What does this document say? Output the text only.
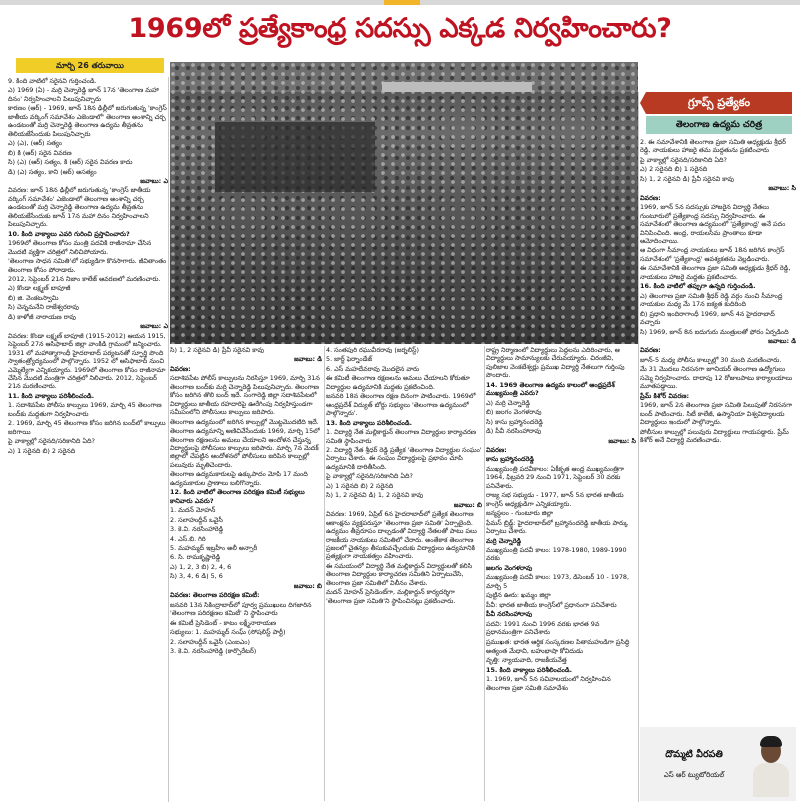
1969లో ప్రత్యేకాంధ్ర సదస్సు ఎక్కడ నిర్వహించారు?
మార్చి 26 తరువాయి
గ్రూప్స్ ప్రత్యేకం
తెలంగాణ ఉద్యమ చరిత్ర

9. కింది వాటిలో సరైనవి గుర్తించండి.

ఎ) 1969 (ఏ) - మర్రి చెన్నారెడ్డి జూన్ 17న 'తెలంగాణ మహా దినం' నిర్వహించాలని పిలుపునిచ్చారు

కారణం (ఆర్) - 1969, జూన్ 18న ఢిల్లీలో జరుగుతున్న 'కాంగ్రెస్ జాతీయ వర్కింగ్ సమావేశం ఎజెండాలో' తెలంగాణ అంశాన్ని చర్చ ఉండటంతో మర్రి చెన్నారెడ్డి తెలంగాణ ఉద్యమ తీవ్రతను తెలియజేసేందుకు పిలుపునిచ్చారు

ఎ) (ఎ), (ఆర్) సత్యం

బి) కి (ఆర్) సరైన వివరణ

సి) (ఎ) (ఆర్) సత్యం, కి (ఆర్) సరైన వివరణ కాదు

డి) (ఎ) సత్యం, కాని (ఆర్) అసత్యం

జవాబు: ఎ

వివరణ: జూన్ 18న ఢిల్లీలో జరుగుతున్న 'కాంగ్రెస్ జాతీయ వర్కింగ్ సమావేశం' ఎజెండాలో తెలంగాణ అంశాన్ని చర్చ ఉండటంతో మర్రి చెన్నారెడ్డి తెలంగాణ ఉద్యమ తీవ్రతను తెలియజేసేందుకు జూన్ 17న మహా దినం నిర్వహించాలని పిలుపునిచ్చారు.

10. కింది వాక్యాలు ఎవరి గురించి ప్రస్తావించారు?

1969లో తెలంగాణ కోసం మంత్రి పదవికి రాజీనామా చేసిన మొదటి వ్యక్తిగా చరిత్రలో నిలిచిపోయారు.

'తెలంగాణ సాధన సమితి'లో సభ్యుడిగా కొనసాగారు. జీవితాంతం తెలంగాణ కోసం పోరాడారు.

2012, సెప్టెంబర్ 21న నిజాం కాలేజ్ ఆవరణలో మరణించారు.

ఎ) కొండా లక్ష్మణ్ బాపూజీ

బి) జి. వెంకటస్వామి

సి) చెన్నమనేని రాజేశ్వరరావు

డి) కాళోజీ నారాయణ రావు

జవాబు: ఎ

వివరణ: కొండా లక్ష్మణ్ బాపూజీ (1915-2012) ఆయన 1915, సెప్టెంబర్ 27న ఆసిఫాబాద్ జిల్లా వాంకిడి గ్రామంలో జన్మించారు. 1931 లో మహాత్మాగాంధీ హైదరాబాద్ పర్యటనతో స్ఫూర్తి పొంది స్వాతంత్ర్యోద్యమంలో పాల్గొన్నారు. 1952 లో ఆసిఫాబాద్ నుంచి ఎమ్మెల్యేగా ఎన్నికయ్యారు. 1969లో తెలంగాణ కోసం రాజీనామా చేసిన మొదటి మంత్రిగా చరిత్రలో నిలిచారు. 2012, సెప్టెంబర్ 21న మరణించారు.

11. కింది వాక్యాలు పరిశీలించండి.

1. సదాశివపేట పోలీసు కాల్పులు 1969, మార్చి 45 తెలంగాణ బంద్‌కు మద్దతుగా నిర్వహించారు

2. 1969, మార్చి 45 తెలంగాణ కోసం జరిగిన బంద్‌లో కాల్పులు జరిగాయి

పై వాక్యాల్లో సరైనది/సరికానిది ఏది?

ఎ) 1 సరైనది బి) 2 సరైనది

సి) 1, 2 సరైనవి డి) ప్రేవీ సరైనవి కావు

జవాబు: డి

వివరణ:

సదాశివపేట పోలీస్ కాల్పులను నిరసిస్తూ 1969, మార్చి 31న తెలంగాణ బంద్‌కు మర్రి చెన్నారెడ్డి పిలుపునిచ్చారు. తెలంగాణ కోసం జరిగిన తొలి బంద్ ఇదే. సంగారెడ్డి జిల్లా సదాశివపేటలో విద్యార్థులు జాతీయ రహదారిపై ఊరేగింపు నిర్వహిస్తుండగా సమీపంలోని పోలీసులు కాల్పులు జరిపారు.

తెలంగాణ ఉద్యమంలో జరిగిన కాల్పుల్లో మొట్టమొదటిది ఇదే.

తెలంగాణ ఉద్యమాన్ని అణిచివేసేందుకు 1969, మార్చి 15లో తెలంగాణ రక్షణలను అమలు చేయాలని ఆందోళన చేస్తున్న విద్యార్థులపై పోలీసులు కాల్పులు జరిపారు. మార్చి 7న మెదక్ జిల్లాలో చేపట్టిన ఆందోళనలో పోలీసులు జరిపిన కాల్పుల్లో పలువురు మృతిచెందారు.

తెలంగాణ ఉద్యమకారులపై ఉక్కుపాదం మోపి 17 మంది ఉద్యమకారుల ప్రాణాలు బలిగొన్నారు.

12. కింది వాటిలో తెలంగాణ పరిరక్షణ కమిటీ సభ్యులు కానివారు ఎవరు?

1. మదన్ మోహన్

2. సలాహుద్దీన్ ఒవైసీ

3. కె.వి. నరసింహారెడ్డి

4. ఎస్.బి. గిరి

5. మహమ్మద్ ఇబ్రహీం అలీ అన్సారీ

6. సి. రామకృష్ణారెడ్డి

ఎ) 1, 2, 3 బి) 2, 4, 6

సి) 3, 4, 6 డి) 5, 6

జవాబు: బి

వివరణ: తెలంగాణ పరిరక్షణ కమిటీ:

జనవరి 13న సికింద్రాబాద్‌లో పూర్వ ప్రముఖులు దిగజారిన 'తెలంగాణ పరిరక్షణల కమిటీ' ని స్థాపించారు

ఈ కమిటీ ప్రెసిడెంట్ - కాటం లక్ష్మీనారాయణ

సభ్యులు: 1. మహమ్మద్ సంఘ్ (సోషలిస్ట్ పార్టీ)

2. సలాహుద్దీన్ ఒవైసీ (ఎంఐఎం)

3. కె.వి. నరసింహారెడ్డి (కార్పొరేటర్)

4. సంతపురి రఘువీరరావు (జర్నలిస్ట్)

5. జార్జ్ ఫెర్నాండేజ్

6. ఎస్ మహదేవరావు మొదలైన వారు

ఈ కమిటీ తెలంగాణ రక్షణలను అమలు చేయాలని కోరుతూ విద్యార్థుల ఉద్యమానికి మద్దతు ప్రకటించింది.

జనవరి 18న తెలంగాణ రక్షణ దినంగా పాటించారు. 1969లో ఆంధ్రప్రదేశ్ విద్యుత్ బోర్డు సభ్యులు 'తెలంగాణ ఉద్యమంలో పాల్గొన్నారు'.

13. కింది వాక్యాలు పరిశీలించండి.

1. విద్యార్థి నేత మల్లికార్జున్ తెలంగాణ విద్యార్థుల కార్యాచరణ సమితి స్థాపించారు

2. విద్యార్థి నేత శ్రీధర్ రెడ్డి ప్రత్యేక 'తెలంగాణ విద్యార్థుల సంఘం' ఏర్పాటు చేశారు. ఈ సంఘం విద్యార్థులపై ప్రభావం చూపి ఉద్యమానికి దారితీసింది.

పై వాక్యాల్లో సరైనది/సరికానిది ఏది?

ఎ) 1 సరైనది బి) 2 సరైనది

సి) 1, 2 సరైనవి డి) 1, 2 సరైనవి కావు

జవాబు: బి

వివరణ: 1969, ఏప్రిల్ 6న హైదరాబాద్‌లో ప్రత్యేక తెలంగాణ ఆకాంక్షను వ్యక్తపరుస్తూ 'తెలంగాణ ప్రజా సమితి' ఏర్పాటైంది. ఉద్యమం తీవ్రరూపం దాల్చడంతో విద్యార్థి నేతలతో పాటు పలు రాజకీయ నాయకులు సమితిలో చేరారు. అంతేకాక తెలంగాణ ప్రజలలో చైతన్యం తీసుకువచ్చేందుకు విద్యార్థులు ఉద్యమానికి ప్రత్యక్షంగా నాయకత్వం వహించారు.

ఈ సమయంలో విద్యార్థి నేత మల్లికార్జున్ విద్యార్థులతో కలిసి తెలంగాణ విద్యార్థుల కార్యాచరణ సమితిని ఏర్పాటుచేసి, తెలంగాణ ప్రజా సమితిలో విలీనం చేశారు.

మదన్ మోహన్ ప్రెసిడెంట్‌గా, మల్లికార్జున్ కార్యదర్శిగా 'తెలంగాణ ప్రజా సమితి'ని స్థాపించినట్లు ప్రకటించారు.

రాష్ట్ర నిర్మాణంలో విద్యార్థులు పెద్దలను ఎదిరించారు, ఆ విద్యార్థులు సామాన్యులకు చేరువయ్యారు. చిరంజీవి, పులిజాల వెంకటేశ్వర్లు ప్రముఖ విద్యార్థి నేతలుగా గుర్తింపు పొందారు.

14. 1969 తెలంగాణ ఉద్యమ కాలంలో ఆంధ్రప్రదేశ్ ముఖ్యమంత్రి ఎవరు?

ఎ) మర్రి చెన్నారెడ్డి

బి) జలగం వెంగళరావు

సి) కాసు బ్రహ్మానందరెడ్డి

డి) పీవీ నరసింహారావు

జవాబు: సి

వివరణ:

కాసు బ్రహ్మానందరెడ్డి

ముఖ్యమంత్రి పదవీకాలం: ఏకీకృత ఆంధ్ర ముఖ్యమంత్రిగా 1964, ఫిబ్రవరి 29 నుంచి 1971, సెప్టెంబర్ 30 వరకు పనిచేశారు.

రాజ్య సభ సభ్యుడు - 1977, జూన్ 5న భారత జాతీయ కాంగ్రెస్ అధ్యక్షుడిగా ఎన్నికయ్యారు.

జన్మస్థలం - గుంటూరు జిల్లా

ఫేమస్ బ్రిడ్జ్: హైదరాబాద్‌లో బ్రహ్మానందరెడ్డి జాతీయ పార్కు ఏర్పాటు చేశారు.

మర్రి చెన్నారెడ్డి

ముఖ్యమంత్రి పదవీ కాలం: 1978-1980, 1989-1990 వరకు

జలగం వెంగళరావు

ముఖ్యమంత్రి పదవీ కాలం: 1973, డిసెంబర్ 10 - 1978, మార్చి 5

పుట్టిన ఊరు: ఖమ్మం జిల్లా

పీవీ: భారత జాతీయ కాంగ్రెస్‌లో ప్రధానంగా పనిచేశారు

పీవీ నరసింహారావు

పదవి: 1991 నుంచి 1996 వరకు భారత 9వ ప్రధానమంత్రిగా పనిచేశారు

ప్రముఖత: భారత ఆర్థిక సంస్కరణల పితామహుడిగా ప్రసిద్ధి

అత్యంత మేధావి, బహుభాషా కోవిదుడు

వృత్తి: న్యాయవాది, రాజకీయవేత్త

15. కింది వాక్యాలు పరిశీలించండి.

1. 1969, జూన్ 5న సచివాలయంలో నిర్వహించిన తెలంగాణ ప్రజా సమితి సమావేశం

2. ఈ సమావేశానికి తెలంగాణ ప్రజా సమితి అధ్యక్షుడు శ్రీధర్ రెడ్డి, నాయకులు హాజరై తమ మద్దతును ప్రకటించారు

పై వాక్యాల్లో సరైనది/సరికానిది ఏది?

ఎ) 2 సరైనది బి) 1 సరైనది

సి) 1, 2 సరైనవి డి) ప్రేవీ సరైనవి కావు

జవాబు: సి

వివరణ:

1969, జూన్ 5న సదస్సుకు హాజరైన విద్యార్థి నేతలు గుంటూరులో ప్రత్యేకాంధ్ర సదస్సు నిర్వహించారు. ఈ సమావేశంలో తెలంగాణ ఉద్యమంలో 'ప్రత్యేకాంధ్ర' అనే పదం వినిపించింది. ఆంధ్ర, రాయలసీమ ప్రాంతాలు కూడా ఆమోదించాయి.

ఆ విధంగా సీమాంధ్ర నాయకులు జూన్ 18న జరిగిన కాంగ్రెస్ సమావేశంలో 'ప్రత్యేకాంధ్ర' ఆవశ్యకతను వెల్లడించారు.

ఈ సమావేశానికి తెలంగాణ ప్రజా సమితి అధ్యక్షుడు శ్రీధర్ రెడ్డి, నాయకులు హాజరై మద్దతు ప్రకటించారు.

16. కింది వాటిలో తప్పుగా ఉన్నది గుర్తించండి.

ఎ) తెలంగాణ ప్రజా సమితి శ్రీధర్ రెడ్డి వర్గం నుంచి సీమాంధ్ర నాయకుల మధ్య మే 17న ఐక్యత కుదిరింది

బి) ప్రధాని ఇందిరాగాంధీ 1969, జూన్ 4న హైదరాబాద్ వచ్చారు

సి) 1969, జూన్ 8న ఐదుగురు మంత్రులతో ఫోరం ఏర్పడింది

జవాబు: డి

వివరణ:

జూన్-5 మధ్య పోలీసు కాల్పుల్లో 30 మంది మరణించారు.

మే 31 మొదలు నిరసనగా జూనియర్ తెలంగాణ ఉద్యోగులు సమ్మె నిర్వహించారు. దాదాపు 12 రోజులపాటు కార్యాలయాలు మూతపడ్డాయి.

ప్రేమ్ కిశోర్ వివరణ:

1969, జూన్ 2న తెలంగాణ ప్రజా సమితి పిలుపుతో నిరసనగా బంద్ పాటించారు. సిటీ కాలేజీ, ఉస్మానియా విశ్వవిద్యాలయ విద్యార్థులు ఇందులో పాల్గొన్నారు.

పోలీసుల కాల్పుల్లో పలువురు విద్యార్థులు గాయపడ్డారు. ప్రేమ్ కిశోర్ అనే విద్యార్థి మరణించాడు.

దొమ్మటి వీరపతి
ఎస్ ఆర్ ట్యుటోరియల్
